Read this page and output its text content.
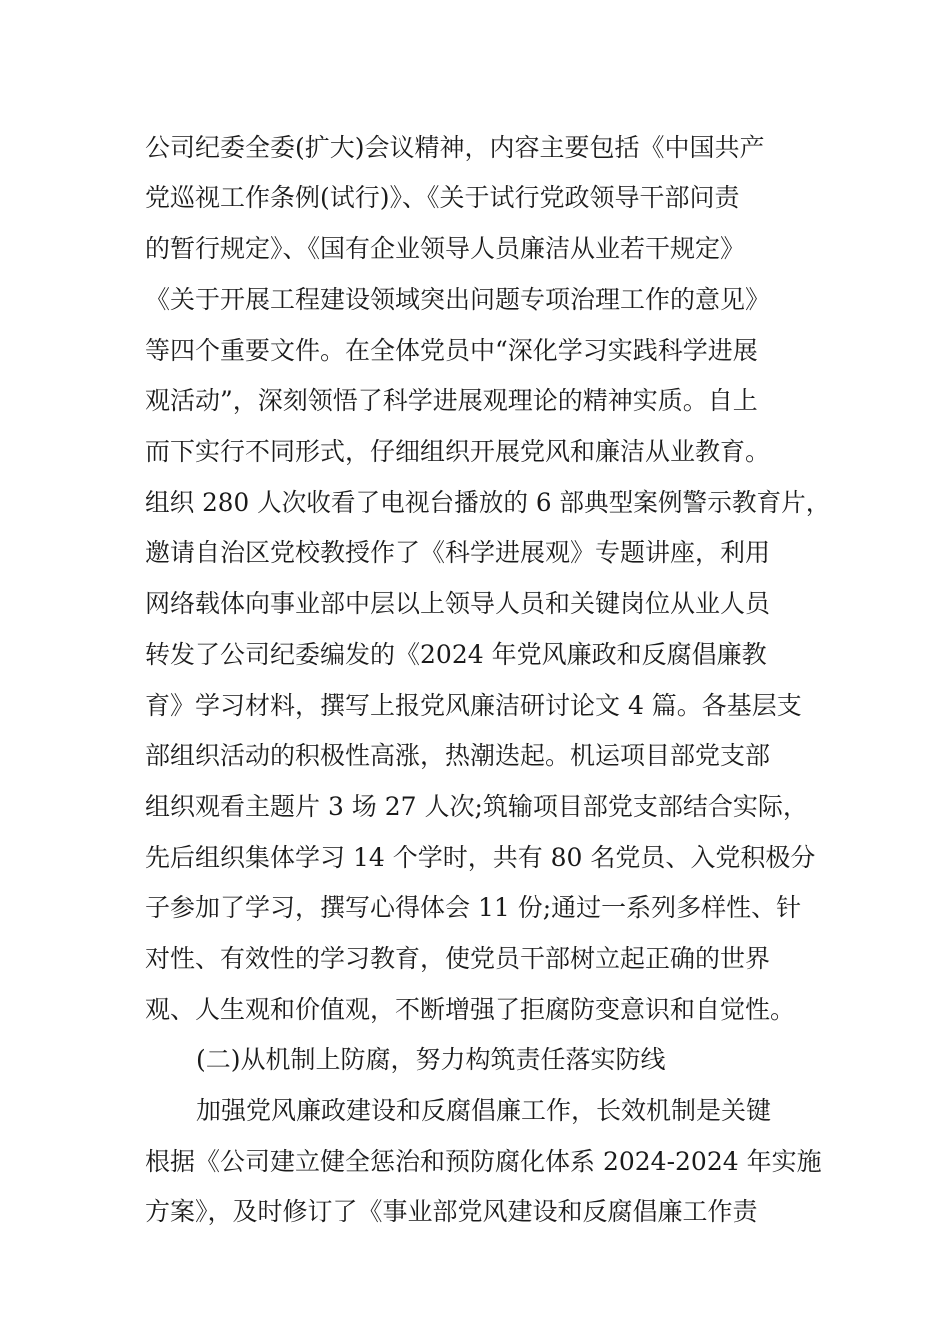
公司纪委全委(扩大)会议精神，内容主要包括《中国共产
党巡视工作条例(试行)》、《关于试行党政领导干部问责
的暂行规定》、《国有企业领导人员廉洁从业若干规定》
《关于开展工程建设领域突出问题专项治理工作的意见》
等四个重要文件。在全体党员中“深化学习实践科学进展
观活动”，深刻领悟了科学进展观理论的精神实质。自上
而下实行不同形式，仔细组织开展党风和廉洁从业教育。
组织 280 人次收看了电视台播放的 6 部典型案例警示教育片，
邀请自治区党校教授作了《科学进展观》专题讲座，利用
网络载体向事业部中层以上领导人员和关键岗位从业人员
转发了公司纪委编发的《2024 年党风廉政和反腐倡廉教
育》学习材料，撰写上报党风廉洁研讨论文 4 篇。各基层支
部组织活动的积极性高涨，热潮迭起。机运项目部党支部
组织观看主题片 3 场 27 人次;筑输项目部党支部结合实际，
先后组织集体学习 14 个学时，共有 80 名党员、入党积极分
子参加了学习，撰写心得体会 11 份;通过一系列多样性、针
对性、有效性的学习教育，使党员干部树立起正确的世界
观、人生观和价值观，不断增强了拒腐防变意识和自觉性。
(二)从机制上防腐，努力构筑责任落实防线
加强党风廉政建设和反腐倡廉工作，长效机制是关键
根据《公司建立健全惩治和预防腐化体系 2024-2024 年实施
方案》，及时修订了《事业部党风建设和反腐倡廉工作责
